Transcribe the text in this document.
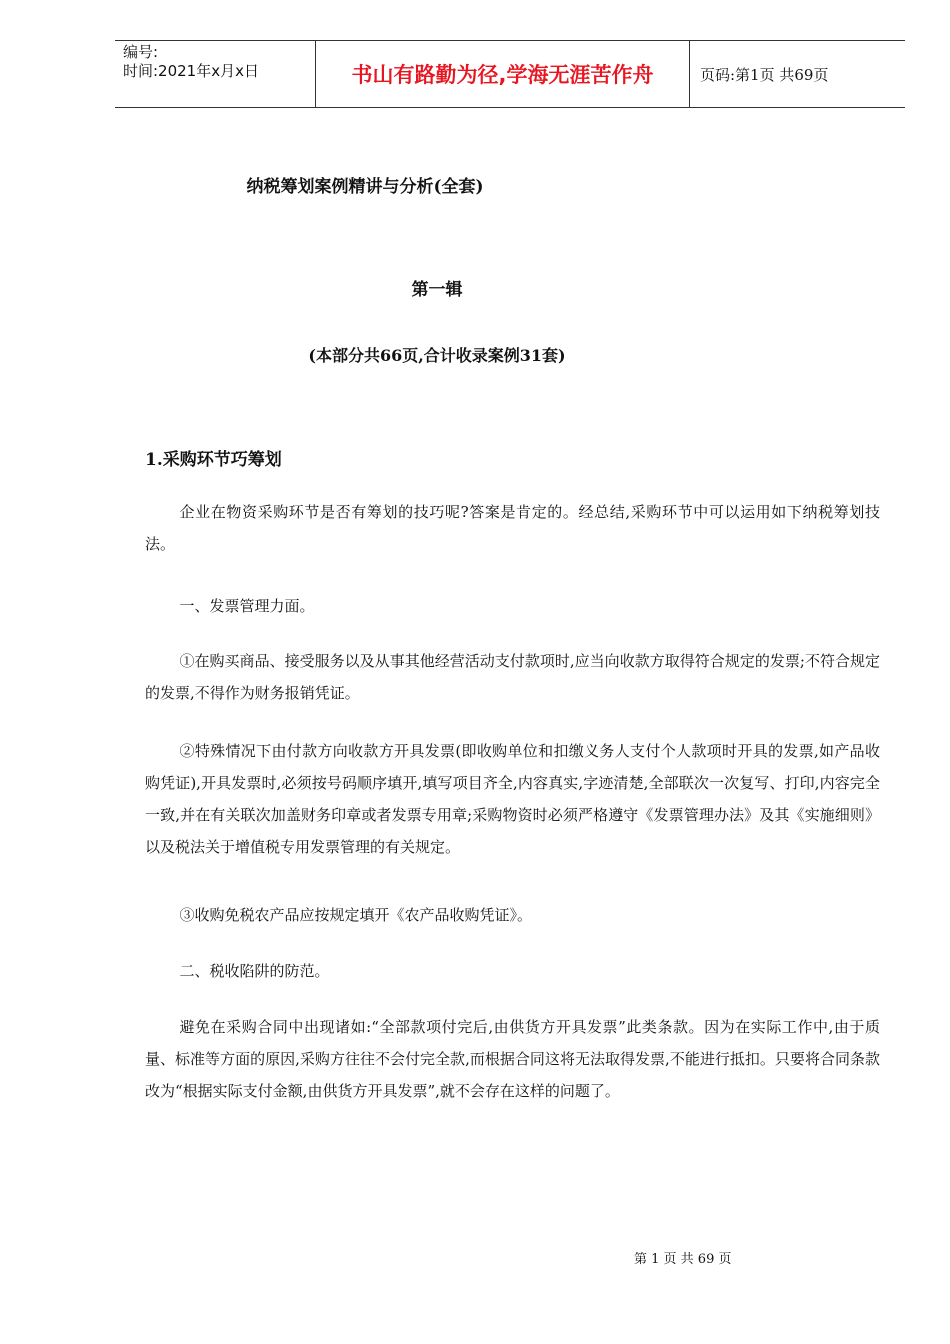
编号:
时间:2021年x月x日	书山有路勤为径,学海无涯苦作舟	页码:第1页 共69页
纳税筹划案例精讲与分析(全套)
第一辑
(本部分共66页,合计收录案例31套)
1.采购环节巧筹划
企业在物资采购环节是否有筹划的技巧呢?答案是肯定的。经总结,采购环节中可以运用如下纳税筹划技法。
一、发票管理力面。
①在购买商品、接受服务以及从事其他经营活动支付款项时,应当向收款方取得符合规定的发票;不符合规定的发票,不得作为财务报销凭证。
②特殊情况下由付款方向收款方开具发票(即收购单位和扣缴义务人支付个人款项时开具的发票,如产品收购凭证),开具发票时,必须按号码顺序填开,填写项目齐全,内容真实,字迹清楚,全部联次一次复写、打印,内容完全一致,并在有关联次加盖财务印章或者发票专用章;采购物资时必须严格遵守《发票管理办法》及其《实施细则》以及税法关于增值税专用发票管理的有关规定。
③收购免税农产品应按规定填开《农产品收购凭证》。
二、税收陷阱的防范。
避免在采购合同中出现诸如:“全部款项付完后,由供货方开具发票”此类条款。因为在实际工作中,由于质量、标准等方面的原因,采购方往往不会付完全款,而根据合同这将无法取得发票,不能进行抵扣。只要将合同条款改为“根据实际支付金额,由供货方开具发票”,就不会存在这样的问题了。
第 1 页 共 69 页
